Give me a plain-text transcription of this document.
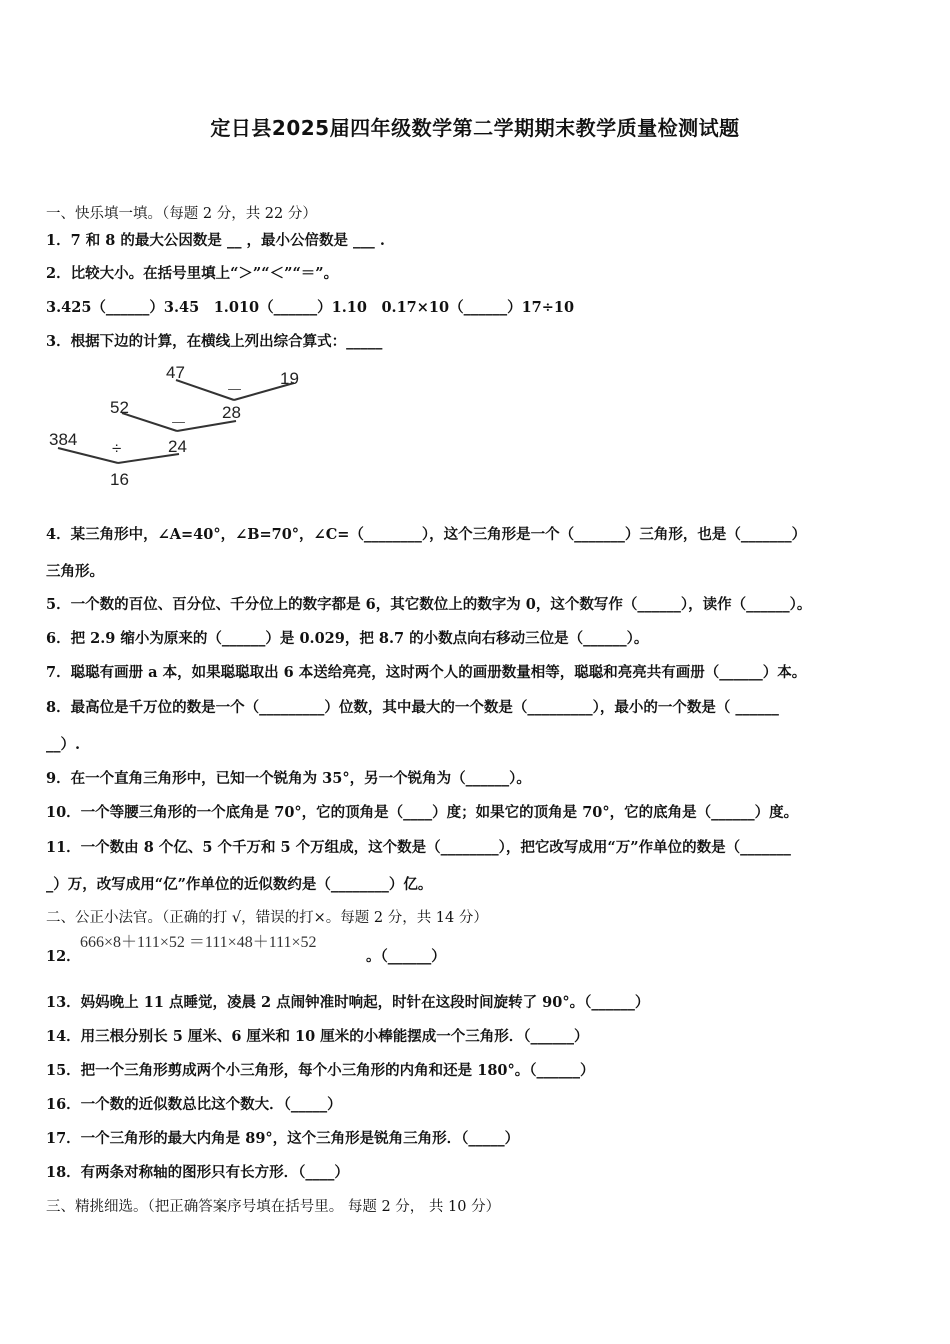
定日县2025届四年级数学第二学期期末教学质量检测试题
一、快乐填一填。（每题 2 分，共 22 分）
1．7 和 8 的最大公因数是 __ ，最小公倍数是 ___ .
2．比较大小。在括号里填上“＞”“＜”“＝”。
3.425（______）3.45　1.010（______）1.10　0.17×10（______）17÷10
3．根据下边的计算，在横线上列出综合算式：_____
47
－
19
52	28
－
384 ÷	24
16
4．某三角形中，∠A=40°，∠B=70°，∠C=（________），这个三角形是一个（_______）三角形，也是（_______）
三角形。
5．一个数的百位、百分位、千分位上的数字都是 6，其它数位上的数字为 0，这个数写作（______），读作（______）。
6．把 2.9 缩小为原来的（______）是 0.029，把 8.7 的小数点向右移动三位是（______）。
7．聪聪有画册 a 本，如果聪聪取出 6 本送给亮亮，这时两个人的画册数量相等，聪聪和亮亮共有画册（______）本。
8．最高位是千万位的数是一个（_________）位数，其中最大的一个数是（_________），最小的一个数是（ ______
__）.
9．在一个直角三角形中，已知一个锐角为 35°，另一个锐角为（______）。
10．一个等腰三角形的一个底角是 70°，它的顶角是（____）度；如果它的顶角是 70°，它的底角是（______）度。
11．一个数由 8 个亿、5 个千万和 5 个万组成，这个数是（________），把它改写成用“万”作单位的数是（_______
_）万，改写成用“亿”作单位的近似数约是（________）亿。
二、公正小法官。（正确的打 √，错误的打×。每题 2 分，共 14 分）
12．
666×8＋111×52 ＝111×48＋111×52
。（______）
13．妈妈晚上 11 点睡觉，凌晨 2 点闹钟准时响起，时针在这段时间旋转了 90°。（______）
14．用三根分别长 5 厘米、6 厘米和 10 厘米的小棒能摆成一个三角形．（______）
15．把一个三角形剪成两个小三角形，每个小三角形的内角和还是 180°。（______）
16．一个数的近似数总比这个数大．（_____）
17．一个三角形的最大内角是 89°，这个三角形是锐角三角形．（_____）
18．有两条对称轴的图形只有长方形．（____）
三、精挑细选。（把正确答案序号填在括号里。 每题 2 分， 共 10 分）
